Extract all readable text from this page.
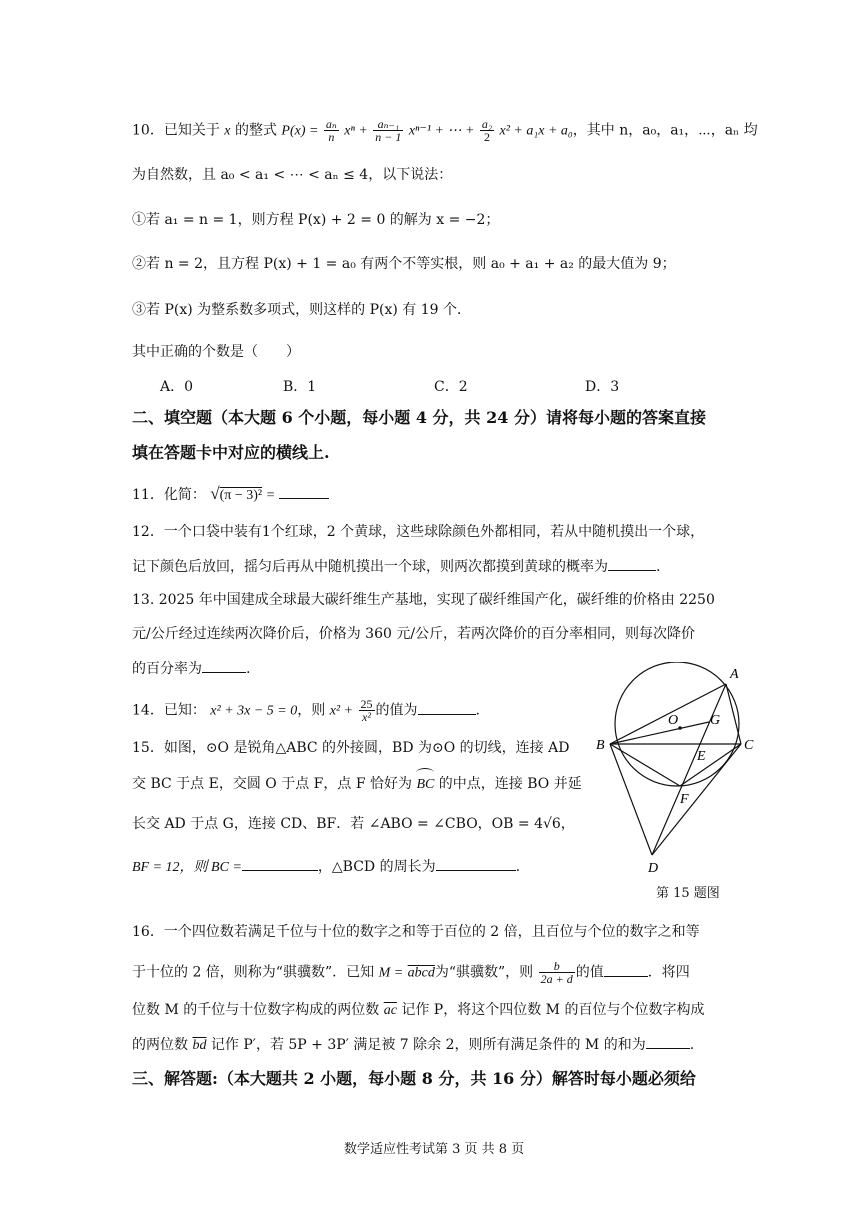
10．已知关于 x 的整式 $P(x) = \frac{\text{aₙ}}{n}$ $x^n + \frac{\text{aₙ₋₁}}{n - 1} x^{n-1}$ + ⋯ + $\frac{\text{a₂}}{2} x^2 + a_1x + a_0$，其中 n，a₀，a₁，⋯，aₙ 均
为自然数，且 a₀ < a₁ < ⋯ < aₙ ≤ 4，以下说法：
①若 a₁ = n = 1，则方程 P(x) + 2 = 0 的解为 x = −2；
②若 n = 2，且方程 P(x) + 1 = a₀ 有两个不等实根，则 a₀ + a₁ + a₂ 的最大值为 9；
③若 P(x) 为整系数多项式，则这样的 P(x) 有 19 个．
其中正确的个数是（　　）
A．0	B．1	C．2	D．3
二、填空题（本大题 6 个小题，每小题 4 分，共 24 分）请将每小题的答案直接
填在答题卡中对应的横线上.
11．化简： √(π − 3)² =
12．一个口袋中装有1个红球，2 个黄球，这些球除颜色外都相同，若从中随机摸出一个球，
记下颜色后放回，摇匀后再从中随机摸出一个球，则两次都摸到黄球的概率为	.
13. 2025 年中国建成全球最大碳纤维生产基地，实现了碳纤维国产化，碳纤维的价格由 2250
元/公斤经过连续两次降价后，价格为 360 元/公斤，若两次降价的百分率相同，则每次降价
的百分率为	.
14．已知： x² + 3x − 5 = 0，则 $x^2 + \frac{25}{\text{x²}}$ 的值为	.
15．如图，⊙O 是锐角△ABC 的外接圆，BD 为⊙O 的切线，连接 AD
交 BC 于点 E，交圆 O 于点 F，点 F 恰好为 BC 的中点，连接 BO 并延
长交 AD 于点 G，连接 CD、BF．若 ∠ABO = ∠CBO，OB = 4√6，
BF = 12，则 BC =	，△BCD 的周长为	.
A
B	C
D
E
F
G
O
第 15 题图
16．一个四位数若满足千位与十位的数字之和等于百位的 2 倍，且百位与个位的数字之和等
于十位的 2 倍，则称为“骐骥数”．已知 M = abcd为“骐骥数”，则 $\frac{b}{2a + d}$ 的值	．将四
位数 M 的千位与十位数字构成的两位数 $\overline{ac}$ 记作 P，将这个四位数 M 的百位与个位数字构成
的两位数 $\overline{bd}$ 记作 P′，若 5P + 3P′ 满足被 7 除余 2，则所有满足条件的 M 的和为	.
三、解答题:（本大题共 2 小题，每小题 8 分，共 16 分）解答时每小题必须给
数学适应性考试第 3 页 共 8 页
